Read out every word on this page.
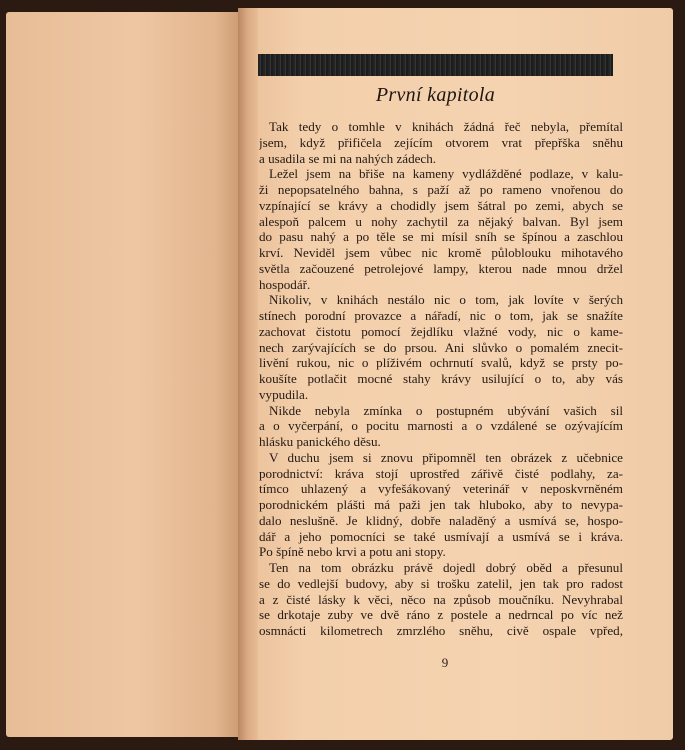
První kapitola
Tak tedy o tomhle v knihách žádná řeč nebyla, přemítal
jsem, když přifičela zejícím otvorem vrat přepřška sněhu
a usadila se mi na nahých zádech.
Ležel jsem na břiše na kameny vydlážděné podlaze, v kalu-
ži nepopsatelného bahna, s paží až po rameno vnořenou do
vzpínající se krávy a chodidly jsem šátral po zemi, abych se
alespoň palcem u nohy zachytil za nějaký balvan. Byl jsem
do pasu nahý a po těle se mi mísil sníh se špínou a zaschlou
krví. Neviděl jsem vůbec nic kromě půloblouku mihotavého
světla začouzené petrolejové lampy, kterou nade mnou držel
hospodář.
Nikoliv, v knihách nestálo nic o tom, jak lovíte v šerých
stínech porodní provazce a nářadí, nic o tom, jak se snažíte
zachovat čistotu pomocí žejdlíku vlažné vody, nic o kame-
nech zarývajících se do prsou. Ani slůvko o pomalém znecit-
livění rukou, nic o plíživém ochrnutí svalů, když se prsty po-
koušíte potlačit mocné stahy krávy usilující o to, aby vás
vypudila.
Nikde nebyla zmínka o postupném ubývání vašich sil
a o vyčerpání, o pocitu marnosti a o vzdálené se ozývajícím
hlásku panického děsu.
V duchu jsem si znovu připomněl ten obrázek z učebnice
porodnictví: kráva stojí uprostřed zářivě čisté podlahy, za-
tímco uhlazený a vyfešákovaný veterinář v neposkvrněném
porodnickém plášti má paži jen tak hluboko, aby to nevypa-
dalo neslušně. Je klidný, dobře naladěný a usmívá se, hospo-
dář a jeho pomocníci se také usmívají a usmívá se i kráva.
Po špíně nebo krvi a potu ani stopy.
Ten na tom obrázku právě dojedl dobrý oběd a přesunul
se do vedlejší budovy, aby si trošku zatelil, jen tak pro radost
a z čisté lásky k věci, něco na způsob moučníku. Nevyhrabal
se drkotaje zuby ve dvě ráno z postele a nedrncal po víc než
osmnácti kilometrech zmrzlého sněhu, civě ospale vpřed,
9
